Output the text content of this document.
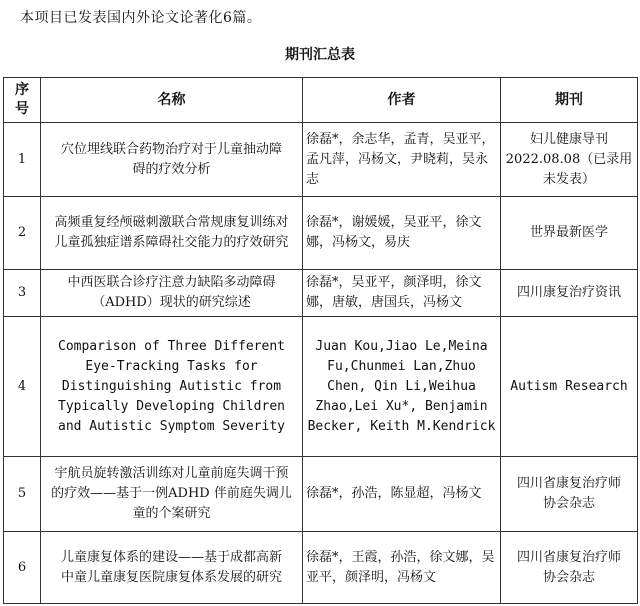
本项目已发表国内外论文论著化6篇。
期刊汇总表
序号	名称	作者	期刊
1	穴位埋线联合药物治疗对于儿童抽动障碍的疗效分析	徐磊*，余志华，孟青，吴亚平，孟凡萍，冯杨文，尹晓莉，吴永志	妇儿健康导刊2022.08.08（已录用未发表）
2	高频重复经颅磁刺激联合常规康复训练对儿童孤独症谱系障碍社交能力的疗效研究	徐磊*，谢媛媛，吴亚平，徐文娜，冯杨文，易庆	世界最新医学
3	中西医联合诊疗注意力缺陷多动障碍（ADHD）现状的研究综述	徐磊*，吴亚平，颜泽明，徐文娜，唐敏，唐国兵，冯杨文	四川康复治疗资讯
4	Comparison of Three Different Eye-Tracking Tasks for Distinguishing Autistic from Typically Developing Children and Autistic Symptom Severity	Juan Kou,Jiao Le,Meina Fu,Chunmei Lan,Zhuo Chen, Qin Li,Weihua Zhao,Lei Xu*, Benjamin Becker, Keith M.Kendrick	Autism Research
5	宇航员旋转激活训练对儿童前庭失调干预的疗效——基于一例ADHD 伴前庭失调儿童的个案研究	徐磊*，孙浩，陈显超，冯杨文	四川省康复治疗师协会杂志
6	儿童康复体系的建设——基于成都高新中童儿童康复医院康复体系发展的研究	徐磊*，王霞，孙浩，徐文娜，吴亚平，颜泽明，冯杨文	四川省康复治疗师协会杂志
